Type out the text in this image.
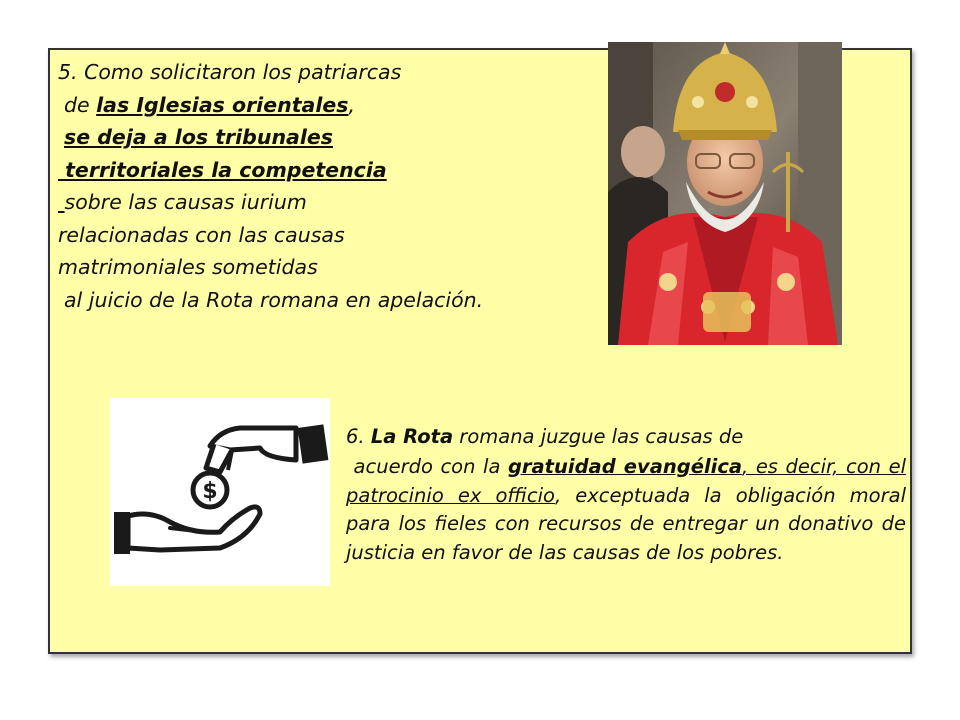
5. Como solicitaron los patriarcas
de las Iglesias orientales,
se deja a los tribunales
territoriales la competencia
sobre las causas iurium
relacionadas con las causas
matrimoniales sometidas
al juicio de la Rota romana en apelación.
$
6. La Rota romana juzgue las causas de
acuerdo con la gratuidad evangélica, es decir, con el patrocinio ex officio, exceptuada la obligación moral para los fieles con recursos de entregar un donativo de justicia en favor de las causas de los pobres.
